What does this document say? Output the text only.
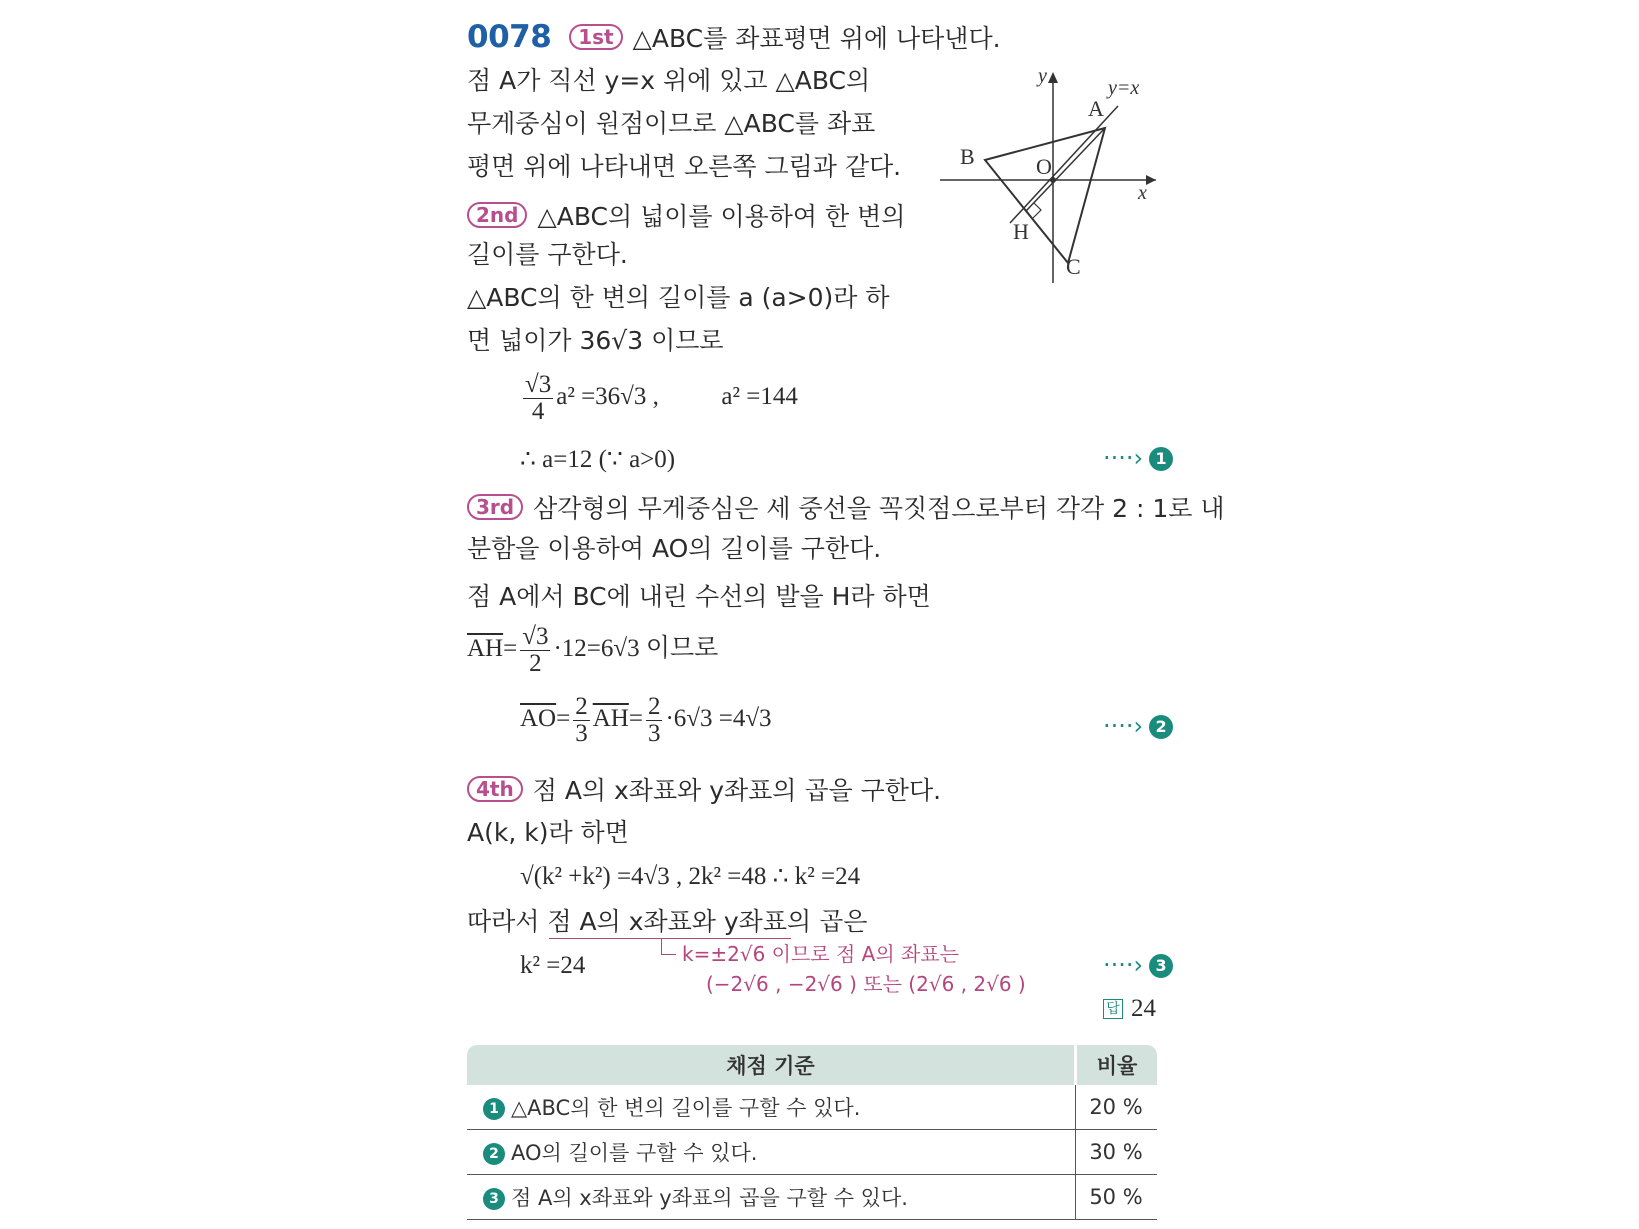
0078 1st △ABC를 좌표평면 위에 나타낸다.
점 A가 직선 y=x 위에 있고 △ABC의
무게중심이 원점이므로 △ABC를 좌표
평면 위에 나타내면 오른쪽 그림과 같다.
y
x
y=x
A
B
C
O
H
2nd △ABC의 넓이를 이용하여 한 변의
길이를 구한다.
△ABC의 한 변의 길이를 a (a>0)라 하
면 넓이가 36√3 이므로
$\frac{√3}{4} a^2 =36√3$ ,	a² =144
∴ a=12 (∵ a>0)	····› 1
3rd 삼각형의 무게중심은 세 중선을 꼭짓점으로부터 각각 2 : 1로 내
분함을 이용하여 AO의 길이를 구한다.
점 A에서 BC에 내린 수선의 발을 H라 하면
$\overline{AH}= \frac{√3}{2} \cdot 12=6√3$ 이므로
$\overline{AO}= \frac{2}{3} \overline{AH}= \frac{2}{3} \cdot 6√3 =4√3$	····› 2
4th 점 A의 x좌표와 y좌표의 곱을 구한다.
A(k, k)라 하면
√(k² +k²) =4√3 , 2k² =48 ∴ k² =24
따라서 점 A의 x좌표와 y좌표의 곱은
k² =24	k=±2√6 이므로 점 A의 좌표는
(−2√6 , −2√6 ) 또는 (2√6 , 2√6 )
····› 3
답 24
채점 기준	비율
1 △ABC의 한 변의 길이를 구할 수 있다.	20 %
2 AO의 길이를 구할 수 있다.	30 %
3 점 A의 x좌표와 y좌표의 곱을 구할 수 있다.	50 %
